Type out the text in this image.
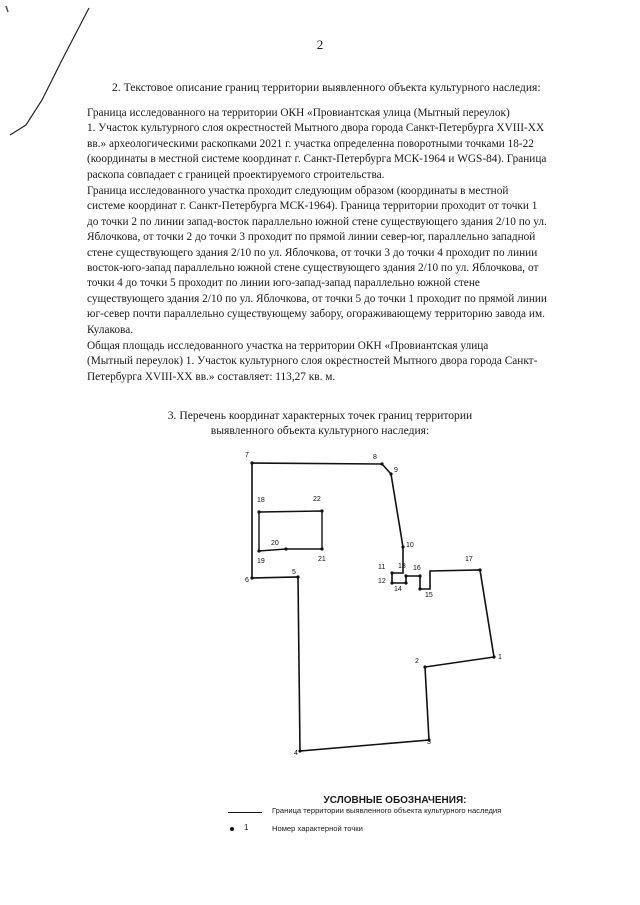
1
2
3
4
5
6
7	8
9
10
11
12
13
14
15
16
17
18	22
21
20
19
2
2. Текстовое описание границ территории выявленного объекта культурного наследия:
Граница исследованного на территории ОКН «Провиантская улица (Мытный переулок)
1. Участок культурного слоя окрестностей Мытного двора города Санкт-Петербурга XVIII-XX
вв.» археологическими раскопками 2021 г. участка определенна поворотными точками 18-22
(координаты в местной системе координат г. Санкт-Петербурга МСК-1964 и WGS-84). Граница
раскопа совпадает с границей проектируемого строительства.
Граница исследованного участка проходит следующим образом (координаты в местной
системе координат г. Санкт-Петербурга МСК-1964). Граница территории проходит от точки 1
до точки 2 по линии запад-восток параллельно южной стене существующего здания 2/10 по ул.
Яблочкова, от точки 2 до точки 3 проходит по прямой линии север-юг, параллельно западной
стене существующего здания 2/10 по ул. Яблочкова, от точки 3 до точки 4 проходит по линии
восток-юго-запад параллельно южной стене существующего здания 2/10 по ул. Яблочкова, от
точки 4 до точки 5 проходит по линии юго-запад-запад параллельно южной стене
существующего здания 2/10 по ул. Яблочкова, от точки 5 до точки 1 проходит по прямой линии
юг-север почти параллельно существующему забору, огораживающему территорию завода им.
Кулакова.
Общая площадь исследованного участка на территории ОКН «Провиантская улица
(Мытный переулок) 1. Участок культурного слоя окрестностей Мытного двора города Санкт-
Петербурга XVIII-XX вв.» составляет: 113,27 кв. м.
3. Перечень координат характерных точек границ территории
выявленного объекта культурного наследия:
УСЛОВНЫЕ ОБОЗНАЧЕНИЯ:
Граница территории выявленного объекта культурного наследия
1	Номер характерной точки
